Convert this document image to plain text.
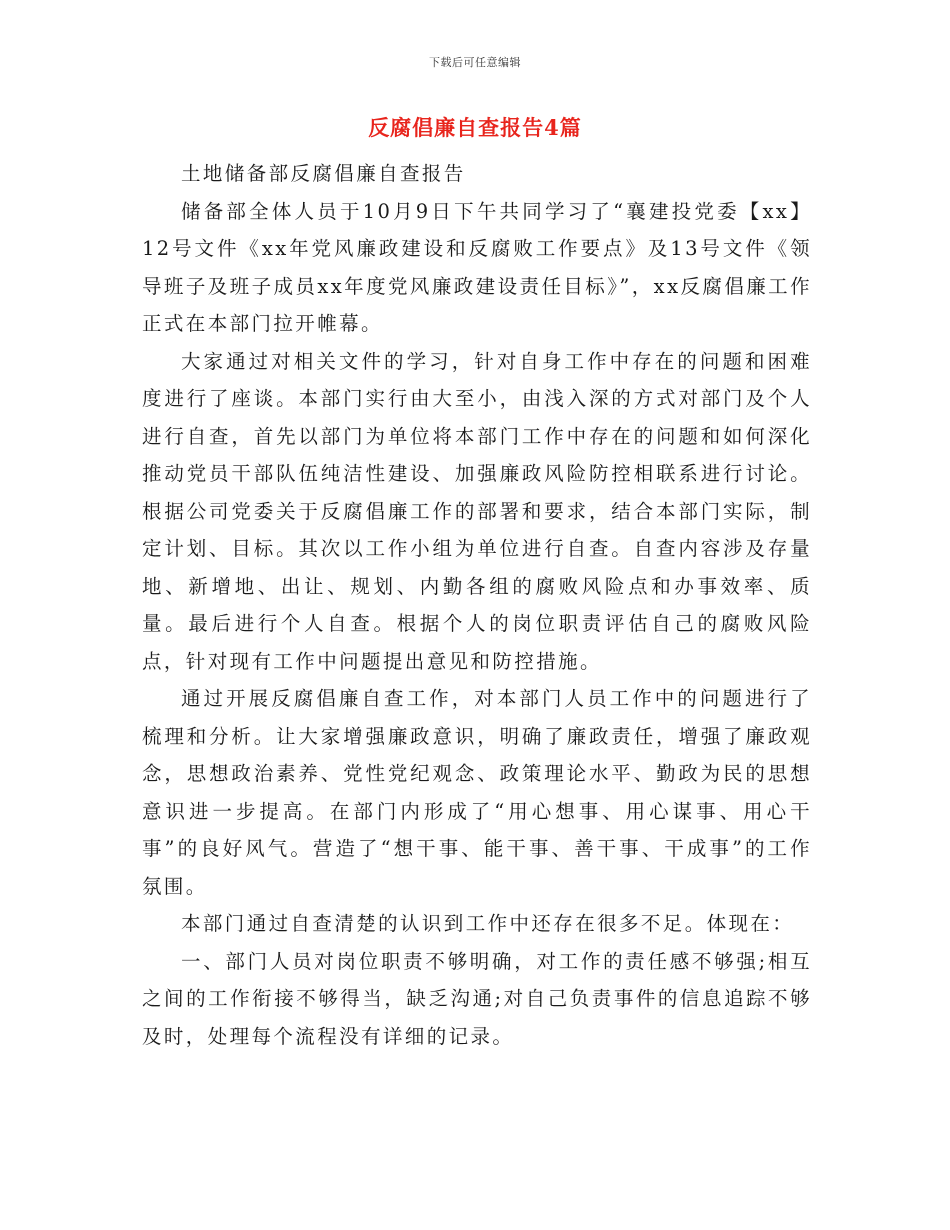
下载后可任意编辑
反腐倡廉自查报告4篇

土地储备部反腐倡廉自查报告

储备部全体人员于10月9日下午共同学习了“襄建投党委【xx】12号文件《xx年党风廉政建设和反腐败工作要点》及13号文件《领导班子及班子成员xx年度党风廉政建设责任目标》”，xx反腐倡廉工作正式在本部门拉开帷幕。

大家通过对相关文件的学习，针对自身工作中存在的问题和困难度进行了座谈。本部门实行由大至小，由浅入深的方式对部门及个人进行自查，首先以部门为单位将本部门工作中存在的问题和如何深化推动党员干部队伍纯洁性建设、加强廉政风险防控相联系进行讨论。根据公司党委关于反腐倡廉工作的部署和要求，结合本部门实际，制定计划、目标。其次以工作小组为单位进行自查。自查内容涉及存量地、新增地、出让、规划、内勤各组的腐败风险点和办事效率、质量。最后进行个人自查。根据个人的岗位职责评估自己的腐败风险点，针对现有工作中问题提出意见和防控措施。

通过开展反腐倡廉自查工作，对本部门人员工作中的问题进行了梳理和分析。让大家增强廉政意识，明确了廉政责任，增强了廉政观念，思想政治素养、党性党纪观念、政策理论水平、勤政为民的思想意识进一步提高。在部门内形成了“用心想事、用心谋事、用心干事”的良好风气。营造了“想干事、能干事、善干事、干成事”的工作氛围。

本部门通过自查清楚的认识到工作中还存在很多不足。体现在：

一、部门人员对岗位职责不够明确，对工作的责任感不够强;相互之间的工作衔接不够得当，缺乏沟通;对自己负责事件的信息追踪不够及时，处理每个流程没有详细的记录。
